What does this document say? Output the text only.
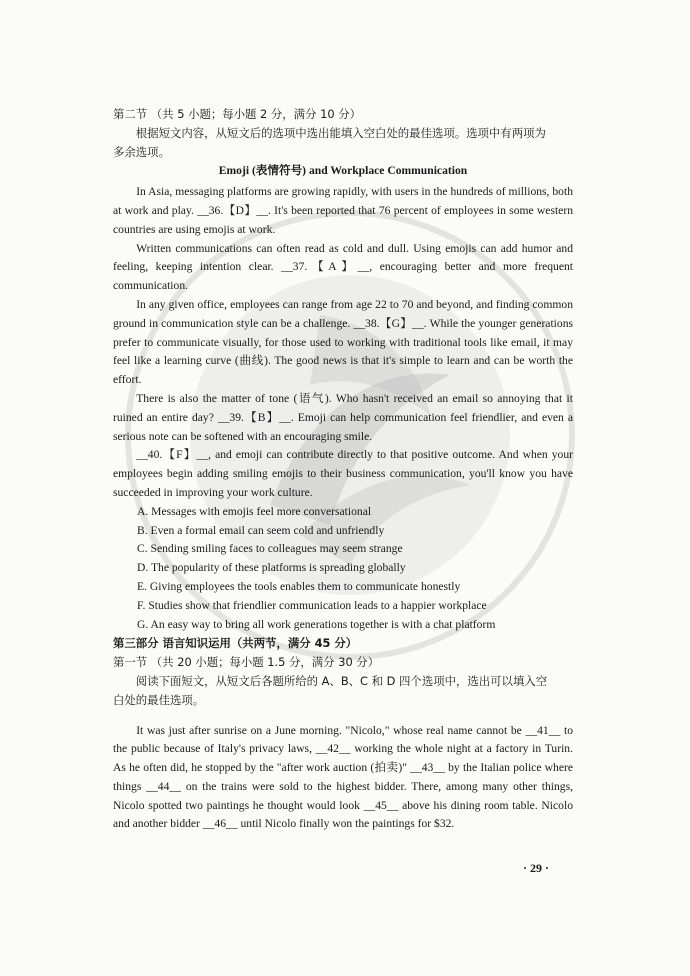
第二节 （共 5 小题；每小题 2 分，满分 10 分）
根据短文内容，从短文后的选项中选出能填入空白处的最佳选项。选项中有两项为
多余选项。
Emoji (表情符号) and Workplace Communication

In Asia, messaging platforms are growing rapidly, with users in the hundreds of millions, both at work and play. __36.【D】__. It's been reported that 76 percent of employees in some western countries are using emojis at work.

Written communications can often read as cold and dull. Using emojis can add humor and feeling, keeping intention clear. __37.【A】__, encouraging better and more frequent communication.

In any given office, employees can range from age 22 to 70 and beyond, and finding common ground in communication style can be a challenge. __38.【G】__. While the younger generations prefer to communicate visually, for those used to working with traditional tools like email, it may feel like a learning curve (曲线). The good news is that it's simple to learn and can be worth the effort.

There is also the matter of tone (语气). Who hasn't received an email so annoying that it ruined an entire day? __39.【B】__. Emoji can help communication feel friendlier, and even a serious note can be softened with an encouraging smile.

__40.【F】__, and emoji can contribute directly to that positive outcome. And when your employees begin adding smiling emojis to their business communication, you'll know you have succeeded in improving your work culture.

A. Messages with emojis feel more conversational

B. Even a formal email can seem cold and unfriendly

C. Sending smiling faces to colleagues may seem strange

D. The popularity of these platforms is spreading globally

E. Giving employees the tools enables them to communicate honestly

F. Studies show that friendlier communication leads to a happier workplace

G. An easy way to bring all work generations together is with a chat platform

第三部分 语言知识运用（共两节，满分 45 分）
第一节 （共 20 小题；每小题 1.5 分，满分 30 分）
阅读下面短文，从短文后各题所给的 A、B、C 和 D 四个选项中，选出可以填入空
白处的最佳选项。

It was just after sunrise on a June morning. "Nicolo," whose real name cannot be __41__ to the public because of Italy's privacy laws, __42__ working the whole night at a factory in Turin. As he often did, he stopped by the "after work auction (拍卖)" __43__ by the Italian police where things __44__ on the trains were sold to the highest bidder. There, among many other things, Nicolo spotted two paintings he thought would look __45__ above his dining room table. Nicolo and another bidder __46__ until Nicolo finally won the paintings for $32.

· 29 ·
